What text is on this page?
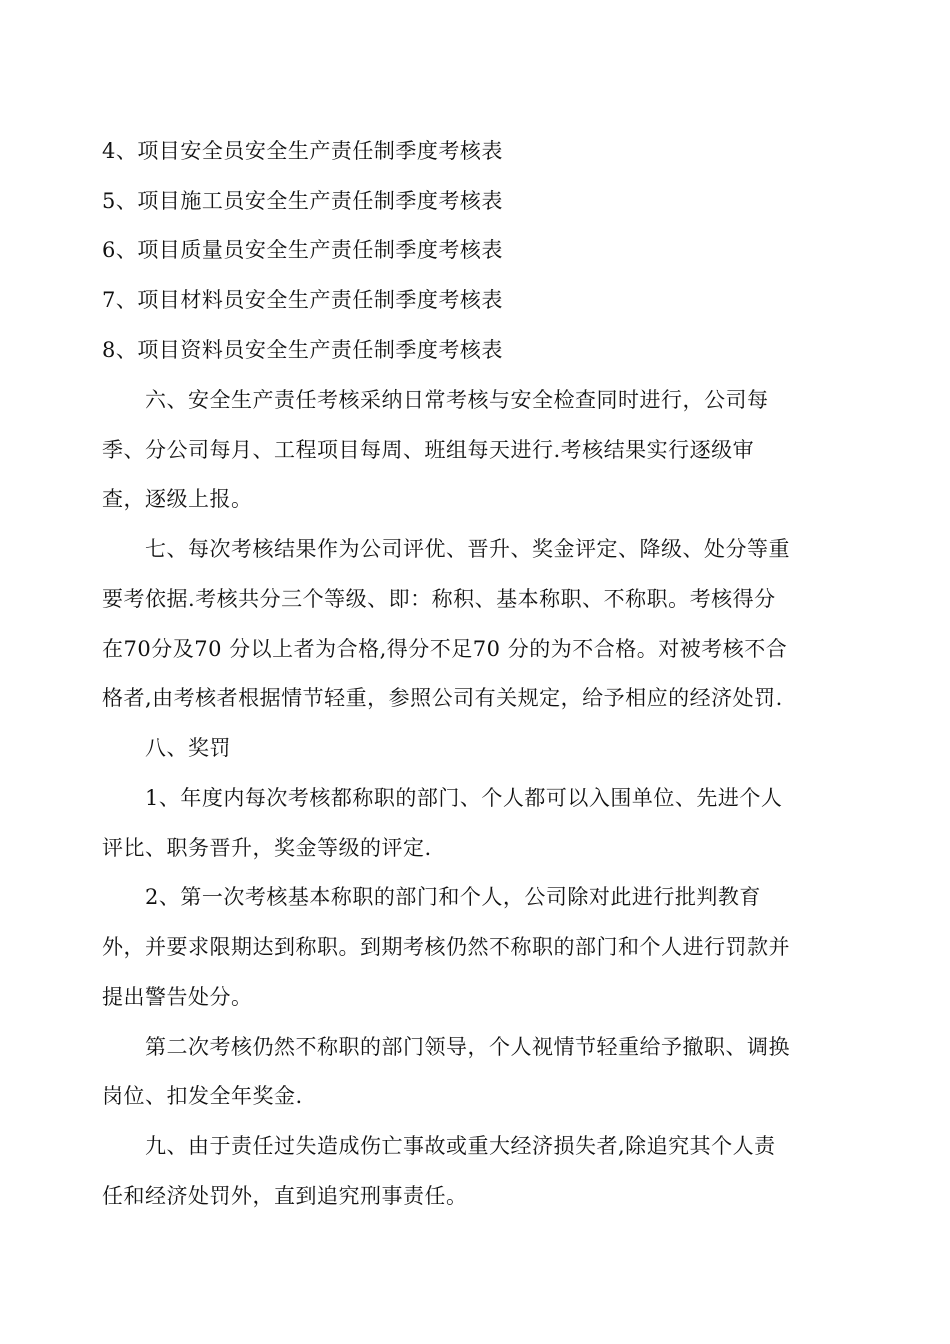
4、项目安全员安全生产责任制季度考核表
5、项目施工员安全生产责任制季度考核表
6、项目质量员安全生产责任制季度考核表
7、项目材料员安全生产责任制季度考核表
8、项目资料员安全生产责任制季度考核表
六、安全生产责任考核采纳日常考核与安全检查同时进行，公司每
季、分公司每月、工程项目每周、班组每天进行.考核结果实行逐级审
查，逐级上报。
七、每次考核结果作为公司评优、晋升、奖金评定、降级、处分等重
要考依据.考核共分三个等级、即：称积、基本称职、不称职。考核得分
在70分及70 分以上者为合格,得分不足70 分的为不合格。对被考核不合
格者,由考核者根据情节轻重，参照公司有关规定，给予相应的经济处罚.
八、奖罚
1、年度内每次考核都称职的部门、个人都可以入围单位、先进个人
评比、职务晋升，奖金等级的评定.
2、第一次考核基本称职的部门和个人，公司除对此进行批判教育
外，并要求限期达到称职。到期考核仍然不称职的部门和个人进行罚款并
提出警告处分。
第二次考核仍然不称职的部门领导，个人视情节轻重给予撤职、调换
岗位、扣发全年奖金.
九、由于责任过失造成伤亡事故或重大经济损失者,除追究其个人责
任和经济处罚外，直到追究刑事责任。
